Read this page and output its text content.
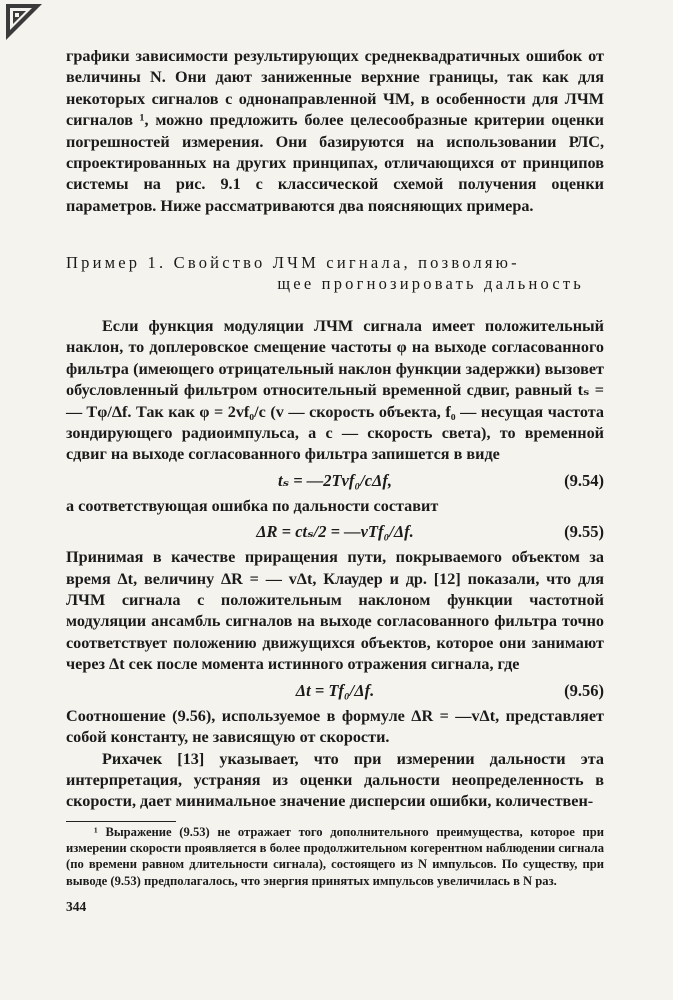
графики зависимости результирующих среднеквадратичных ошибок от величины N. Они дают заниженные верхние границы, так как для некоторых сигналов с однонаправленной ЧМ, в особенности для ЛЧМ сигналов ¹, можно предложить более целесообразные критерии оценки погрешностей измерения. Они базируются на использовании РЛС, спроектированных на других принципах, отличающихся от принципов системы на рис. 9.1 с классической схемой получения оценки параметров. Ниже рассматриваются два поясняющих примера.

Пример 1. Свойство ЛЧМ сигнала, позволяю-
щее прогнозировать дальность

Если функция модуляции ЛЧМ сигнала имеет положительный наклон, то доплеровское смещение частоты φ на выходе согласованного фильтра (имеющего отрицательный наклон функции задержки) вызовет обусловленный фильтром относительный временной сдвиг, равный tₛ = — Tφ/Δf. Так как φ = 2vf₀/c (v — скорость объекта, f₀ — несущая частота зондирующего радиоимпульса, а c — скорость света), то временной сдвиг на выходе согласованного фильтра запишется в виде

tₛ = —2Tvf₀/cΔf,	(9.54)

а соответствующая ошибка по дальности составит

ΔR = ctₛ/2 = —vTf₀/Δf.	(9.55)

Принимая в качестве приращения пути, покрываемого объектом за время Δt, величину ΔR = — vΔt, Клаудер и др. [12] показали, что для ЛЧМ сигнала с положительным наклоном функции частотной модуляции ансамбль сигналов на выходе согласованного фильтра точно соответствует положению движущихся объектов, которое они занимают через Δt сек после момента истинного отражения сигнала, где

Δt = Tf₀/Δf.	(9.56)

Соотношение (9.56), используемое в формуле ΔR = —vΔt, представляет собой константу, не зависящую от скорости.

Рихачек [13] указывает, что при измерении дальности эта интерпретация, устраняя из оценки дальности неопределенность в скорости, дает минимальное значение дисперсии ошибки, количествен-

¹ Выражение (9.53) не отражает того дополнительного преимущества, которое при измерении скорости проявляется в более продолжительном когерентном наблюдении сигнала (по времени равном длительности сигнала), состоящего из N импульсов. По существу, при выводе (9.53) предполагалось, что энергия принятых импульсов увеличилась в N раз.

344
